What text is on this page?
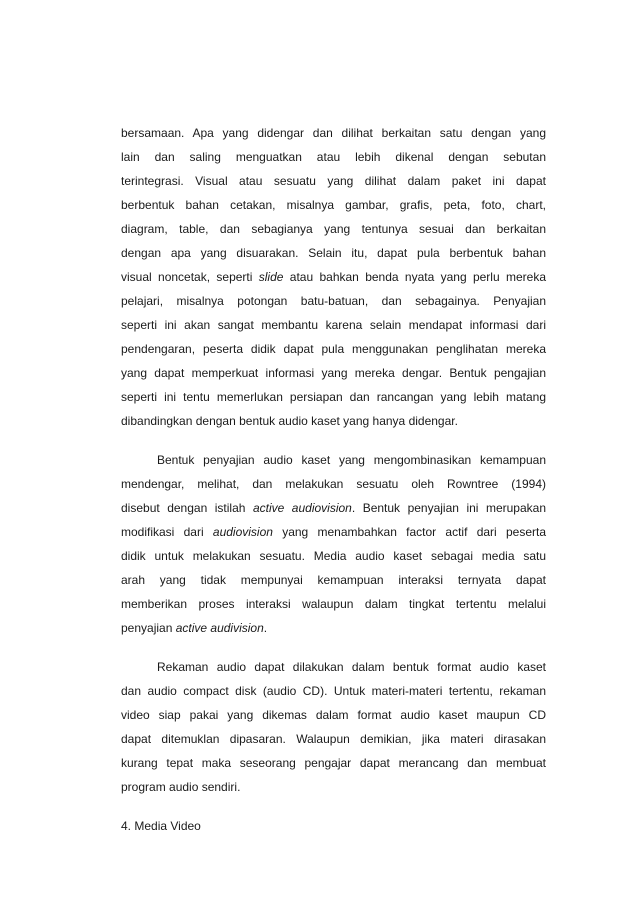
bersamaan. Apa yang didengar dan dilihat berkaitan satu dengan yang
lain dan saling menguatkan atau lebih dikenal dengan sebutan
terintegrasi. Visual atau sesuatu yang dilihat dalam paket ini dapat
berbentuk bahan cetakan, misalnya gambar, grafis, peta, foto, chart,
diagram, table, dan sebagianya yang tentunya sesuai dan berkaitan
dengan apa yang disuarakan. Selain itu, dapat pula berbentuk bahan
visual noncetak, seperti slide atau bahkan benda nyata yang perlu mereka
pelajari, misalnya potongan batu-batuan, dan sebagainya. Penyajian
seperti ini akan sangat membantu karena selain mendapat informasi dari
pendengaran, peserta didik dapat pula menggunakan penglihatan mereka
yang dapat memperkuat informasi yang mereka dengar. Bentuk pengajian
seperti ini tentu memerlukan persiapan dan rancangan yang lebih matang
dibandingkan dengan bentuk audio kaset yang hanya didengar.
Bentuk penyajian audio kaset yang mengombinasikan kemampuan
mendengar, melihat, dan melakukan sesuatu oleh Rowntree (1994)
disebut dengan istilah active audiovision. Bentuk penyajian ini merupakan
modifikasi dari audiovision yang menambahkan factor actif dari peserta
didik untuk melakukan sesuatu. Media audio kaset sebagai media satu
arah yang tidak mempunyai kemampuan interaksi ternyata dapat
memberikan proses interaksi walaupun dalam tingkat tertentu melalui
penyajian active audivision.
Rekaman audio dapat dilakukan dalam bentuk format audio kaset
dan audio compact disk (audio CD). Untuk materi-materi tertentu, rekaman
video siap pakai yang dikemas dalam format audio kaset maupun CD
dapat ditemuklan dipasaran. Walaupun demikian, jika materi dirasakan
kurang tepat maka seseorang pengajar dapat merancang dan membuat
program audio sendiri.
4. Media Video
